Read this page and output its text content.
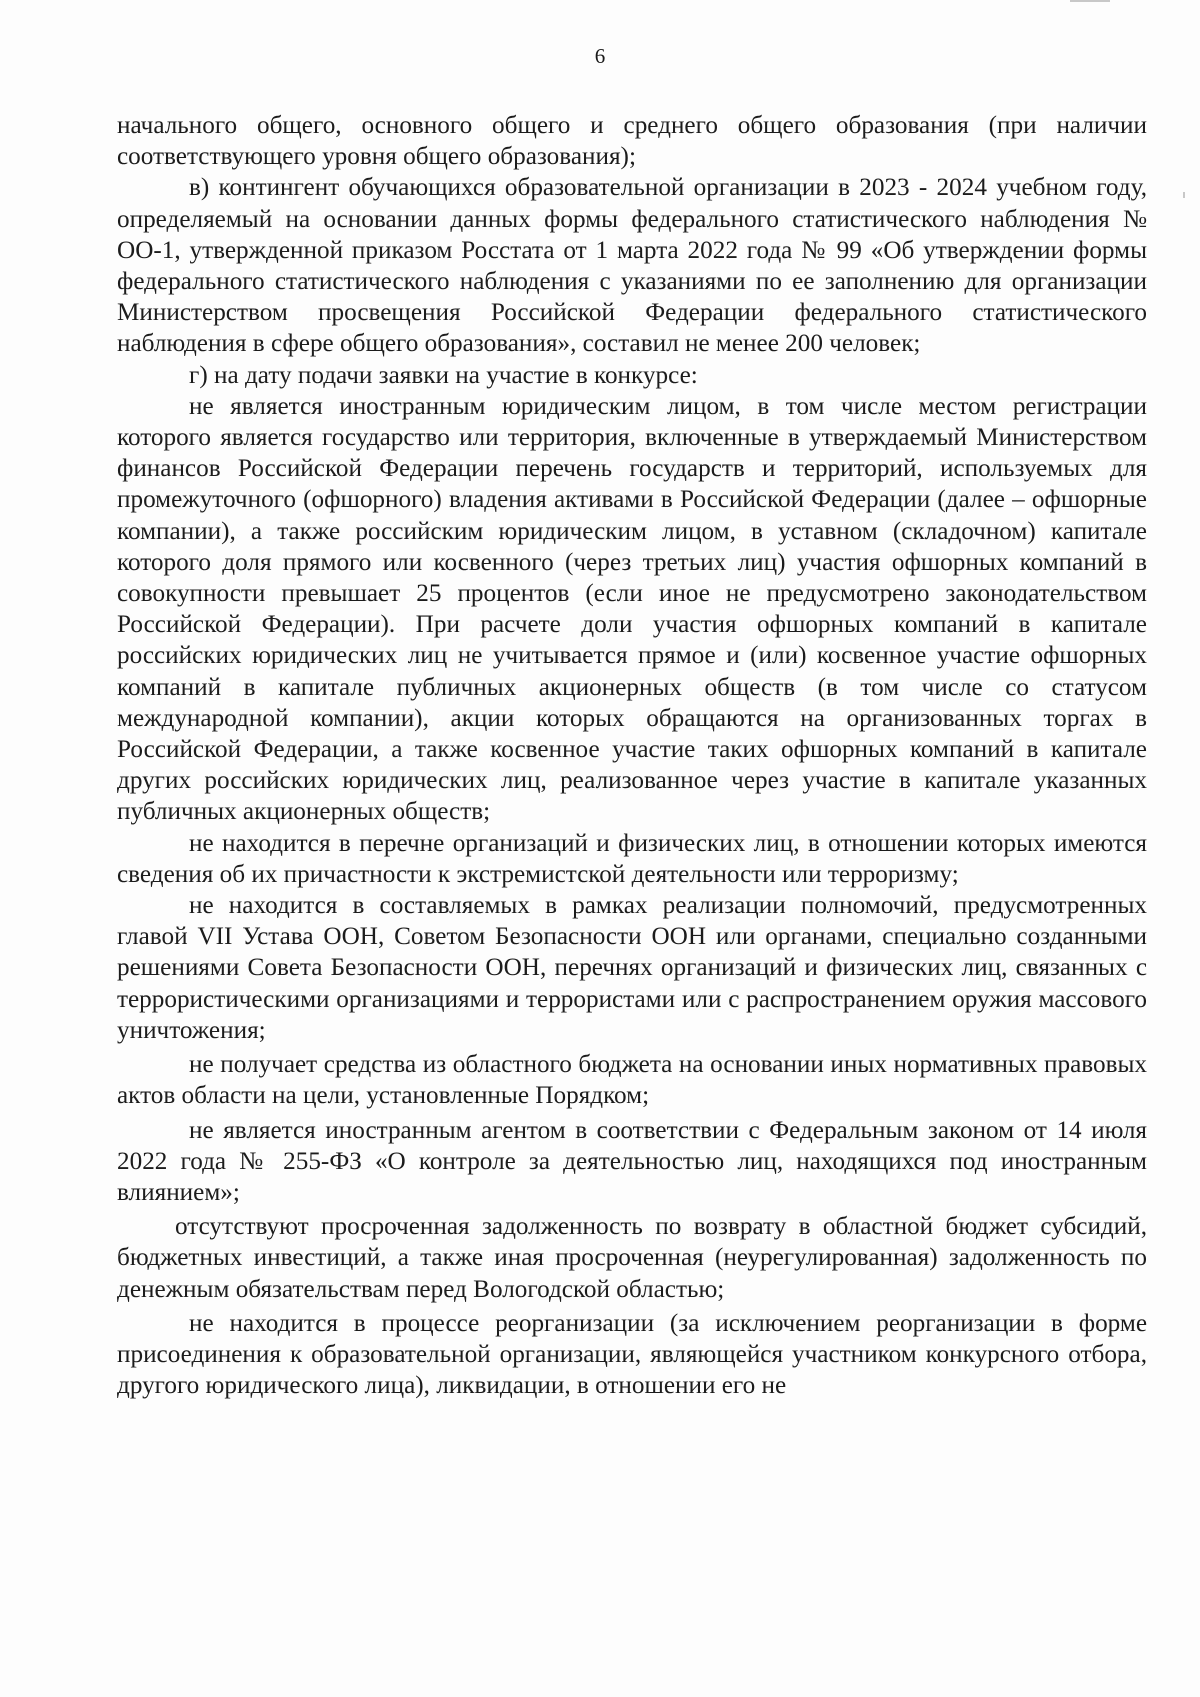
6

начального общего, основного общего и среднего общего образования (при наличии соответствующего уровня общего образования);

в) контингент обучающихся образовательной организации в 2023 - 2024 учебном году, определяемый на основании данных формы федерального статистического наблюдения № ОО-1, утвержденной приказом Росстата от 1 марта 2022 года № 99 «Об утверждении формы федерального статистического наблюдения с указаниями по ее заполнению для организации Министерством просвещения Российской Федерации федерального статистического наблюдения в сфере общего образования», составил не менее 200 человек;

г) на дату подачи заявки на участие в конкурсе:

не является иностранным юридическим лицом, в том числе местом регистрации которого является государство или территория, включенные в утверждаемый Министерством финансов Российской Федерации перечень государств и территорий, используемых для промежуточного (офшорного) владения активами в Российской Федерации (далее – офшорные компании), а также российским юридическим лицом, в уставном (складочном) капитале которого доля прямого или косвенного (через третьих лиц) участия офшорных компаний в совокупности превышает 25 процентов (если иное не предусмотрено законодательством Российской Федерации). При расчете доли участия офшорных компаний в капитале российских юридических лиц не учитывается прямое и (или) косвенное участие офшорных компаний в капитале публичных акционерных обществ (в том числе со статусом международной компании), акции которых обращаются на организованных торгах в Российской Федерации, а также косвенное участие таких офшорных компаний в капитале других российских юридических лиц, реализованное через участие в капитале указанных публичных акционерных обществ;

не находится в перечне организаций и физических лиц, в отношении которых имеются сведения об их причастности к экстремистской деятельности или терроризму;

не находится в составляемых в рамках реализации полномочий, предусмотренных главой VII Устава ООН, Советом Безопасности ООН или органами, специально созданными решениями Совета Безопасности ООН, перечнях организаций и физических лиц, связанных с террористическими организациями и террористами или с распространением оружия массового уничтожения;

не получает средства из областного бюджета на основании иных нормативных правовых актов области на цели, установленные Порядком;

не является иностранным агентом в соответствии с Федеральным законом от 14 июля 2022 года № 255-ФЗ «О контроле за деятельностью лиц, находящихся под иностранным влиянием»;

отсутствуют просроченная задолженность по возврату в областной бюджет субсидий, бюджетных инвестиций, а также иная просроченная (неурегулированная) задолженность по денежным обязательствам перед Вологодской областью;

не находится в процессе реорганизации (за исключением реорганизации в форме присоединения к образовательной организации, являющейся участником конкурсного отбора, другого юридического лица), ликвидации, в отношении его не
